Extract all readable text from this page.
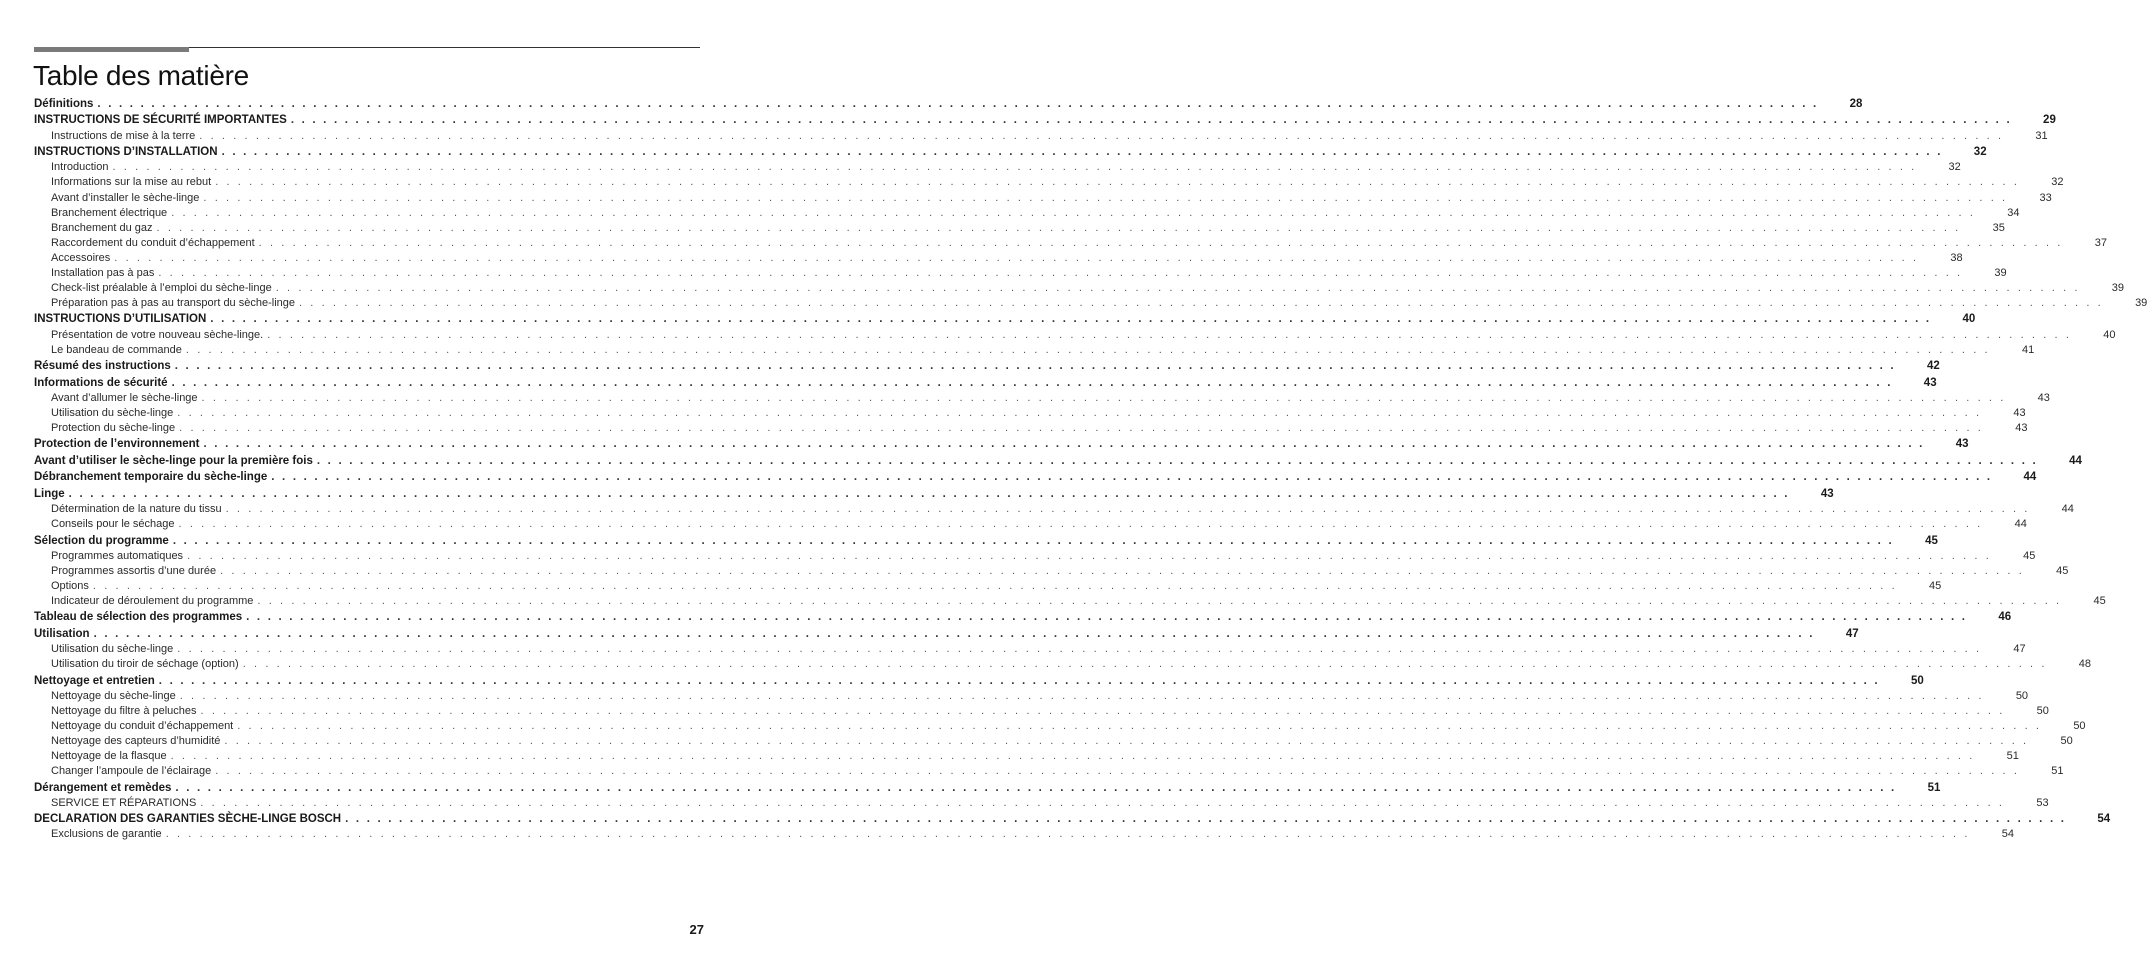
Table des matière
Définitions . . . . . . . . . . . . . . . . . . . . . . . . . . . . . . . . . . . . . . . . . . . . . . . . . . . . . . . . . . . . . . . . . . . . . . . . . . . . . . . . . . . . . . . . . . . . . . . . . . . . . . . . . . . . . . . . . . . . . . . . . . . . . . . . . . . . . . . . . . . . . . . . . . . . . . . . . . . . . . . .	28
INSTRUCTIONS DE SÉCURITÉ IMPORTANTES . . . . . . . . . . . . . . . . . . . . . . . . . . . . . . . . . . . . . . . . . . . . . . . . . . . . . . . . . . . . . . . . . . . . . . . . . . . . . . . . . . . . . . . . . . . . . . . . . . . . . . . . . . . . . . . . . . . . . . . . . . . . . . . . . . . . . . . . . . . . . . . . . . . . . . . . . . . . . . . .	29
Instructions de mise à la terre . . . . . . . . . . . . . . . . . . . . . . . . . . . . . . . . . . . . . . . . . . . . . . . . . . . . . . . . . . . . . . . . . . . . . . . . . . . . . . . . . . . . . . . . . . . . . . . . . . . . . . . . . . . . . . . . . . . . . . . . . . . . . . . . . . . . . . . . . . . . . . . . . . . . . . . . . . . . . . . .	31
INSTRUCTIONS D’INSTALLATION . . . . . . . . . . . . . . . . . . . . . . . . . . . . . . . . . . . . . . . . . . . . . . . . . . . . . . . . . . . . . . . . . . . . . . . . . . . . . . . . . . . . . . . . . . . . . . . . . . . . . . . . . . . . . . . . . . . . . . . . . . . . . . . . . . . . . . . . . . . . . . . . . . . . . . . . . . . . . . . .	32
Introduction . . . . . . . . . . . . . . . . . . . . . . . . . . . . . . . . . . . . . . . . . . . . . . . . . . . . . . . . . . . . . . . . . . . . . . . . . . . . . . . . . . . . . . . . . . . . . . . . . . . . . . . . . . . . . . . . . . . . . . . . . . . . . . . . . . . . . . . . . . . . . . . . . . . . . . . . . . . . . . . .	32
Informations sur la mise au rebut . . . . . . . . . . . . . . . . . . . . . . . . . . . . . . . . . . . . . . . . . . . . . . . . . . . . . . . . . . . . . . . . . . . . . . . . . . . . . . . . . . . . . . . . . . . . . . . . . . . . . . . . . . . . . . . . . . . . . . . . . . . . . . . . . . . . . . . . . . . . . . . . . . . . . . . . . . . . . . . .	32
Avant d’installer le sèche-linge . . . . . . . . . . . . . . . . . . . . . . . . . . . . . . . . . . . . . . . . . . . . . . . . . . . . . . . . . . . . . . . . . . . . . . . . . . . . . . . . . . . . . . . . . . . . . . . . . . . . . . . . . . . . . . . . . . . . . . . . . . . . . . . . . . . . . . . . . . . . . . . . . . . . . . . . . . . . . . . .	33
Branchement électrique . . . . . . . . . . . . . . . . . . . . . . . . . . . . . . . . . . . . . . . . . . . . . . . . . . . . . . . . . . . . . . . . . . . . . . . . . . . . . . . . . . . . . . . . . . . . . . . . . . . . . . . . . . . . . . . . . . . . . . . . . . . . . . . . . . . . . . . . . . . . . . . . . . . . . . . . . . . . . . . .	34
Branchement du gaz . . . . . . . . . . . . . . . . . . . . . . . . . . . . . . . . . . . . . . . . . . . . . . . . . . . . . . . . . . . . . . . . . . . . . . . . . . . . . . . . . . . . . . . . . . . . . . . . . . . . . . . . . . . . . . . . . . . . . . . . . . . . . . . . . . . . . . . . . . . . . . . . . . . . . . . . . . . . . . . .	35
Raccordement du conduit d’échappement . . . . . . . . . . . . . . . . . . . . . . . . . . . . . . . . . . . . . . . . . . . . . . . . . . . . . . . . . . . . . . . . . . . . . . . . . . . . . . . . . . . . . . . . . . . . . . . . . . . . . . . . . . . . . . . . . . . . . . . . . . . . . . . . . . . . . . . . . . . . . . . . . . . . . . . . . . . . . . . .	37
Accessoires . . . . . . . . . . . . . . . . . . . . . . . . . . . . . . . . . . . . . . . . . . . . . . . . . . . . . . . . . . . . . . . . . . . . . . . . . . . . . . . . . . . . . . . . . . . . . . . . . . . . . . . . . . . . . . . . . . . . . . . . . . . . . . . . . . . . . . . . . . . . . . . . . . . . . . . . . . . . . . . .	38
Installation pas à pas . . . . . . . . . . . . . . . . . . . . . . . . . . . . . . . . . . . . . . . . . . . . . . . . . . . . . . . . . . . . . . . . . . . . . . . . . . . . . . . . . . . . . . . . . . . . . . . . . . . . . . . . . . . . . . . . . . . . . . . . . . . . . . . . . . . . . . . . . . . . . . . . . . . . . . . . . . . . . . . .	39
Check-list préalable à l’emploi du sèche-linge . . . . . . . . . . . . . . . . . . . . . . . . . . . . . . . . . . . . . . . . . . . . . . . . . . . . . . . . . . . . . . . . . . . . . . . . . . . . . . . . . . . . . . . . . . . . . . . . . . . . . . . . . . . . . . . . . . . . . . . . . . . . . . . . . . . . . . . . . . . . . . . . . . . . . . . . . . . . . . . .	39
Préparation pas à pas au transport du sèche-linge . . . . . . . . . . . . . . . . . . . . . . . . . . . . . . . . . . . . . . . . . . . . . . . . . . . . . . . . . . . . . . . . . . . . . . . . . . . . . . . . . . . . . . . . . . . . . . . . . . . . . . . . . . . . . . . . . . . . . . . . . . . . . . . . . . . . . . . . . . . . . . . . . . . . . . . . . . . . . . . .	39
INSTRUCTIONS D’UTILISATION . . . . . . . . . . . . . . . . . . . . . . . . . . . . . . . . . . . . . . . . . . . . . . . . . . . . . . . . . . . . . . . . . . . . . . . . . . . . . . . . . . . . . . . . . . . . . . . . . . . . . . . . . . . . . . . . . . . . . . . . . . . . . . . . . . . . . . . . . . . . . . . . . . . . . . . . . . . . . . . .	40
Présentation de votre nouveau sèche-linge. . . . . . . . . . . . . . . . . . . . . . . . . . . . . . . . . . . . . . . . . . . . . . . . . . . . . . . . . . . . . . . . . . . . . . . . . . . . . . . . . . . . . . . . . . . . . . . . . . . . . . . . . . . . . . . . . . . . . . . . . . . . . . . . . . . . . . . . . . . . . . . . . . . . . . . . . . . . . . . . .	40
Le bandeau de commande . . . . . . . . . . . . . . . . . . . . . . . . . . . . . . . . . . . . . . . . . . . . . . . . . . . . . . . . . . . . . . . . . . . . . . . . . . . . . . . . . . . . . . . . . . . . . . . . . . . . . . . . . . . . . . . . . . . . . . . . . . . . . . . . . . . . . . . . . . . . . . . . . . . . . . . . . . . . . . . .	41
Résumé des instructions . . . . . . . . . . . . . . . . . . . . . . . . . . . . . . . . . . . . . . . . . . . . . . . . . . . . . . . . . . . . . . . . . . . . . . . . . . . . . . . . . . . . . . . . . . . . . . . . . . . . . . . . . . . . . . . . . . . . . . . . . . . . . . . . . . . . . . . . . . . . . . . . . . . . . . . . . . . . . . . .	42
Informations de sécurité . . . . . . . . . . . . . . . . . . . . . . . . . . . . . . . . . . . . . . . . . . . . . . . . . . . . . . . . . . . . . . . . . . . . . . . . . . . . . . . . . . . . . . . . . . . . . . . . . . . . . . . . . . . . . . . . . . . . . . . . . . . . . . . . . . . . . . . . . . . . . . . . . . . . . . . . . . . . . . . .	43
Avant d’allumer le sèche-linge . . . . . . . . . . . . . . . . . . . . . . . . . . . . . . . . . . . . . . . . . . . . . . . . . . . . . . . . . . . . . . . . . . . . . . . . . . . . . . . . . . . . . . . . . . . . . . . . . . . . . . . . . . . . . . . . . . . . . . . . . . . . . . . . . . . . . . . . . . . . . . . . . . . . . . . . . . . . . . . .	43
Utilisation du sèche-linge . . . . . . . . . . . . . . . . . . . . . . . . . . . . . . . . . . . . . . . . . . . . . . . . . . . . . . . . . . . . . . . . . . . . . . . . . . . . . . . . . . . . . . . . . . . . . . . . . . . . . . . . . . . . . . . . . . . . . . . . . . . . . . . . . . . . . . . . . . . . . . . . . . . . . . . . . . . . . . . .	43
Protection du sèche-linge . . . . . . . . . . . . . . . . . . . . . . . . . . . . . . . . . . . . . . . . . . . . . . . . . . . . . . . . . . . . . . . . . . . . . . . . . . . . . . . . . . . . . . . . . . . . . . . . . . . . . . . . . . . . . . . . . . . . . . . . . . . . . . . . . . . . . . . . . . . . . . . . . . . . . . . . . . . . . . . .	43
Protection de l’environnement . . . . . . . . . . . . . . . . . . . . . . . . . . . . . . . . . . . . . . . . . . . . . . . . . . . . . . . . . . . . . . . . . . . . . . . . . . . . . . . . . . . . . . . . . . . . . . . . . . . . . . . . . . . . . . . . . . . . . . . . . . . . . . . . . . . . . . . . . . . . . . . . . . . . . . . . . . . . . . . .	43
Avant d’utiliser le sèche-linge pour la première fois . . . . . . . . . . . . . . . . . . . . . . . . . . . . . . . . . . . . . . . . . . . . . . . . . . . . . . . . . . . . . . . . . . . . . . . . . . . . . . . . . . . . . . . . . . . . . . . . . . . . . . . . . . . . . . . . . . . . . . . . . . . . . . . . . . . . . . . . . . . . . . . . . . . . . . . . . . . . . . . .	44
Débranchement temporaire du sèche-linge . . . . . . . . . . . . . . . . . . . . . . . . . . . . . . . . . . . . . . . . . . . . . . . . . . . . . . . . . . . . . . . . . . . . . . . . . . . . . . . . . . . . . . . . . . . . . . . . . . . . . . . . . . . . . . . . . . . . . . . . . . . . . . . . . . . . . . . . . . . . . . . . . . . . . . . . . . . . . . . .	44
Linge . . . . . . . . . . . . . . . . . . . . . . . . . . . . . . . . . . . . . . . . . . . . . . . . . . . . . . . . . . . . . . . . . . . . . . . . . . . . . . . . . . . . . . . . . . . . . . . . . . . . . . . . . . . . . . . . . . . . . . . . . . . . . . . . . . . . . . . . . . . . . . . . . . . . . . . . . . . . . . . .	43
Détermination de la nature du tissu . . . . . . . . . . . . . . . . . . . . . . . . . . . . . . . . . . . . . . . . . . . . . . . . . . . . . . . . . . . . . . . . . . . . . . . . . . . . . . . . . . . . . . . . . . . . . . . . . . . . . . . . . . . . . . . . . . . . . . . . . . . . . . . . . . . . . . . . . . . . . . . . . . . . . . . . . . . . . . . .	44
Conseils pour le séchage . . . . . . . . . . . . . . . . . . . . . . . . . . . . . . . . . . . . . . . . . . . . . . . . . . . . . . . . . . . . . . . . . . . . . . . . . . . . . . . . . . . . . . . . . . . . . . . . . . . . . . . . . . . . . . . . . . . . . . . . . . . . . . . . . . . . . . . . . . . . . . . . . . . . . . . . . . . . . . . .	44
Sélection du programme . . . . . . . . . . . . . . . . . . . . . . . . . . . . . . . . . . . . . . . . . . . . . . . . . . . . . . . . . . . . . . . . . . . . . . . . . . . . . . . . . . . . . . . . . . . . . . . . . . . . . . . . . . . . . . . . . . . . . . . . . . . . . . . . . . . . . . . . . . . . . . . . . . . . . . . . . . . . . . . .	45
Programmes automatiques . . . . . . . . . . . . . . . . . . . . . . . . . . . . . . . . . . . . . . . . . . . . . . . . . . . . . . . . . . . . . . . . . . . . . . . . . . . . . . . . . . . . . . . . . . . . . . . . . . . . . . . . . . . . . . . . . . . . . . . . . . . . . . . . . . . . . . . . . . . . . . . . . . . . . . . . . . . . . . . .	45
Programmes assortis d’une durée . . . . . . . . . . . . . . . . . . . . . . . . . . . . . . . . . . . . . . . . . . . . . . . . . . . . . . . . . . . . . . . . . . . . . . . . . . . . . . . . . . . . . . . . . . . . . . . . . . . . . . . . . . . . . . . . . . . . . . . . . . . . . . . . . . . . . . . . . . . . . . . . . . . . . . . . . . . . . . . .	45
Options . . . . . . . . . . . . . . . . . . . . . . . . . . . . . . . . . . . . . . . . . . . . . . . . . . . . . . . . . . . . . . . . . . . . . . . . . . . . . . . . . . . . . . . . . . . . . . . . . . . . . . . . . . . . . . . . . . . . . . . . . . . . . . . . . . . . . . . . . . . . . . . . . . . . . . . . . . . . . . . .	45
Indicateur de déroulement du programme . . . . . . . . . . . . . . . . . . . . . . . . . . . . . . . . . . . . . . . . . . . . . . . . . . . . . . . . . . . . . . . . . . . . . . . . . . . . . . . . . . . . . . . . . . . . . . . . . . . . . . . . . . . . . . . . . . . . . . . . . . . . . . . . . . . . . . . . . . . . . . . . . . . . . . . . . . . . . . . .	45
Tableau de sélection des programmes . . . . . . . . . . . . . . . . . . . . . . . . . . . . . . . . . . . . . . . . . . . . . . . . . . . . . . . . . . . . . . . . . . . . . . . . . . . . . . . . . . . . . . . . . . . . . . . . . . . . . . . . . . . . . . . . . . . . . . . . . . . . . . . . . . . . . . . . . . . . . . . . . . . . . . . . . . . . . . . .	46
Utilisation . . . . . . . . . . . . . . . . . . . . . . . . . . . . . . . . . . . . . . . . . . . . . . . . . . . . . . . . . . . . . . . . . . . . . . . . . . . . . . . . . . . . . . . . . . . . . . . . . . . . . . . . . . . . . . . . . . . . . . . . . . . . . . . . . . . . . . . . . . . . . . . . . . . . . . . . . . . . . . . .	47
Utilisation du sèche-linge . . . . . . . . . . . . . . . . . . . . . . . . . . . . . . . . . . . . . . . . . . . . . . . . . . . . . . . . . . . . . . . . . . . . . . . . . . . . . . . . . . . . . . . . . . . . . . . . . . . . . . . . . . . . . . . . . . . . . . . . . . . . . . . . . . . . . . . . . . . . . . . . . . . . . . . . . . . . . . . .	47
Utilisation du tiroir de séchage (option) . . . . . . . . . . . . . . . . . . . . . . . . . . . . . . . . . . . . . . . . . . . . . . . . . . . . . . . . . . . . . . . . . . . . . . . . . . . . . . . . . . . . . . . . . . . . . . . . . . . . . . . . . . . . . . . . . . . . . . . . . . . . . . . . . . . . . . . . . . . . . . . . . . . . . . . . . . . . . . . .	48
Nettoyage et entretien . . . . . . . . . . . . . . . . . . . . . . . . . . . . . . . . . . . . . . . . . . . . . . . . . . . . . . . . . . . . . . . . . . . . . . . . . . . . . . . . . . . . . . . . . . . . . . . . . . . . . . . . . . . . . . . . . . . . . . . . . . . . . . . . . . . . . . . . . . . . . . . . . . . . . . . . . . . . . . . .	50
Nettoyage du sèche-linge . . . . . . . . . . . . . . . . . . . . . . . . . . . . . . . . . . . . . . . . . . . . . . . . . . . . . . . . . . . . . . . . . . . . . . . . . . . . . . . . . . . . . . . . . . . . . . . . . . . . . . . . . . . . . . . . . . . . . . . . . . . . . . . . . . . . . . . . . . . . . . . . . . . . . . . . . . . . . . . .	50
Nettoyage du filtre à peluches . . . . . . . . . . . . . . . . . . . . . . . . . . . . . . . . . . . . . . . . . . . . . . . . . . . . . . . . . . . . . . . . . . . . . . . . . . . . . . . . . . . . . . . . . . . . . . . . . . . . . . . . . . . . . . . . . . . . . . . . . . . . . . . . . . . . . . . . . . . . . . . . . . . . . . . . . . . . . . . .	50
Nettoyage du conduit d’échappement . . . . . . . . . . . . . . . . . . . . . . . . . . . . . . . . . . . . . . . . . . . . . . . . . . . . . . . . . . . . . . . . . . . . . . . . . . . . . . . . . . . . . . . . . . . . . . . . . . . . . . . . . . . . . . . . . . . . . . . . . . . . . . . . . . . . . . . . . . . . . . . . . . . . . . . . . . . . . . . .	50
Nettoyage des capteurs d’humidité . . . . . . . . . . . . . . . . . . . . . . . . . . . . . . . . . . . . . . . . . . . . . . . . . . . . . . . . . . . . . . . . . . . . . . . . . . . . . . . . . . . . . . . . . . . . . . . . . . . . . . . . . . . . . . . . . . . . . . . . . . . . . . . . . . . . . . . . . . . . . . . . . . . . . . . . . . . . . . . .	50
Nettoyage de la flasque . . . . . . . . . . . . . . . . . . . . . . . . . . . . . . . . . . . . . . . . . . . . . . . . . . . . . . . . . . . . . . . . . . . . . . . . . . . . . . . . . . . . . . . . . . . . . . . . . . . . . . . . . . . . . . . . . . . . . . . . . . . . . . . . . . . . . . . . . . . . . . . . . . . . . . . . . . . . . . . .	51
Changer l’ampoule de l’éclairage . . . . . . . . . . . . . . . . . . . . . . . . . . . . . . . . . . . . . . . . . . . . . . . . . . . . . . . . . . . . . . . . . . . . . . . . . . . . . . . . . . . . . . . . . . . . . . . . . . . . . . . . . . . . . . . . . . . . . . . . . . . . . . . . . . . . . . . . . . . . . . . . . . . . . . . . . . . . . . . .	51
Dérangement et remèdes . . . . . . . . . . . . . . . . . . . . . . . . . . . . . . . . . . . . . . . . . . . . . . . . . . . . . . . . . . . . . . . . . . . . . . . . . . . . . . . . . . . . . . . . . . . . . . . . . . . . . . . . . . . . . . . . . . . . . . . . . . . . . . . . . . . . . . . . . . . . . . . . . . . . . . . . . . . . . . . .	51
SERVICE ET RÉPARATIONS . . . . . . . . . . . . . . . . . . . . . . . . . . . . . . . . . . . . . . . . . . . . . . . . . . . . . . . . . . . . . . . . . . . . . . . . . . . . . . . . . . . . . . . . . . . . . . . . . . . . . . . . . . . . . . . . . . . . . . . . . . . . . . . . . . . . . . . . . . . . . . . . . . . . . . . . . . . . . . . .	53
DECLARATION DES GARANTIES SÈCHE-LINGE BOSCH . . . . . . . . . . . . . . . . . . . . . . . . . . . . . . . . . . . . . . . . . . . . . . . . . . . . . . . . . . . . . . . . . . . . . . . . . . . . . . . . . . . . . . . . . . . . . . . . . . . . . . . . . . . . . . . . . . . . . . . . . . . . . . . . . . . . . . . . . . . . . . . . . . . . . . . . . . . . . . . .	54
Exclusions de garantie . . . . . . . . . . . . . . . . . . . . . . . . . . . . . . . . . . . . . . . . . . . . . . . . . . . . . . . . . . . . . . . . . . . . . . . . . . . . . . . . . . . . . . . . . . . . . . . . . . . . . . . . . . . . . . . . . . . . . . . . . . . . . . . . . . . . . . . . . . . . . . . . . . . . . . . . . . . . . . . .	54
27
